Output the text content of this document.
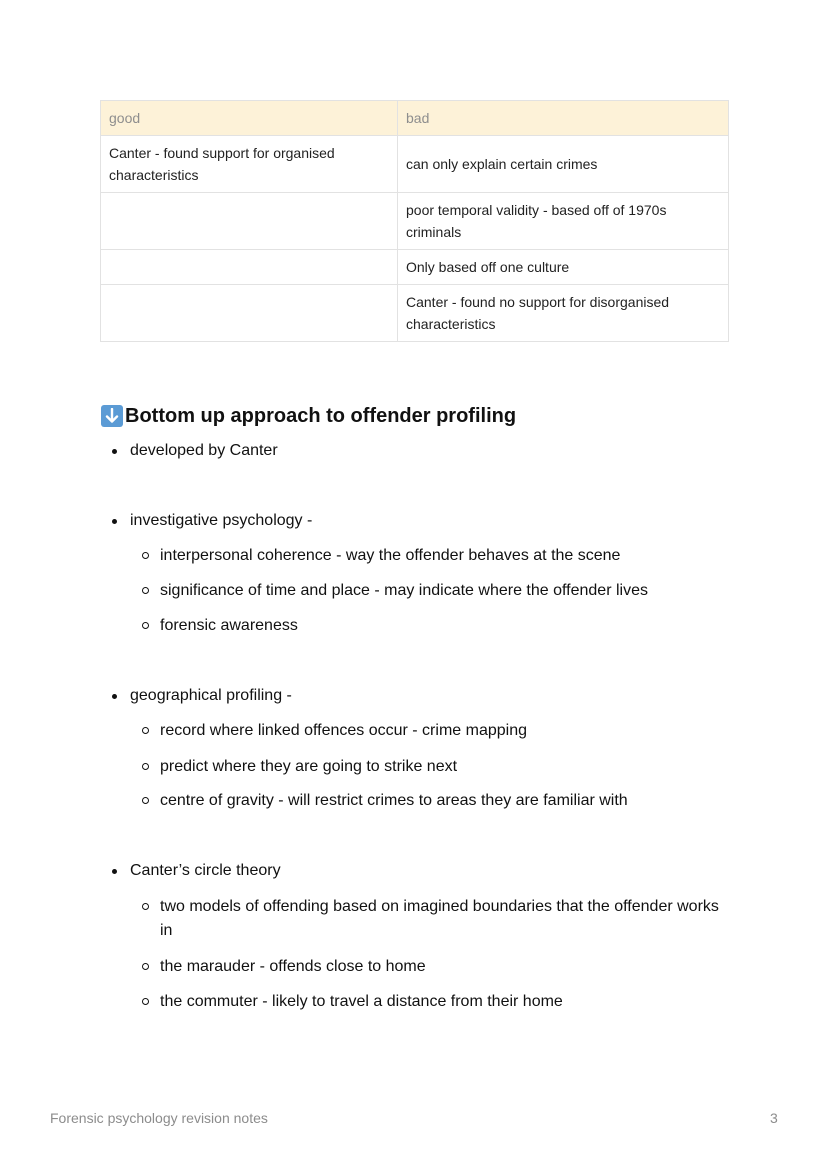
good	bad
Canter - found support for organised characteristics	can only explain certain crimes
	poor temporal validity - based off of 1970s criminals
	Only based off one culture
	Canter - found no support for disorganised characteristics
Bottom up approach to offender profiling
developed by Canter
investigative psychology -
interpersonal coherence - way the offender behaves at the scene
significance of time and place - may indicate where the offender lives
forensic awareness
geographical profiling -
record where linked offences occur - crime mapping
predict where they are going to strike next
centre of gravity - will restrict crimes to areas they are familiar with
Canter’s circle theory
two models of offending based on imagined boundaries that the offender works in
the marauder - offends close to home
the commuter - likely to travel a distance from their home
Forensic psychology revision notes	3
